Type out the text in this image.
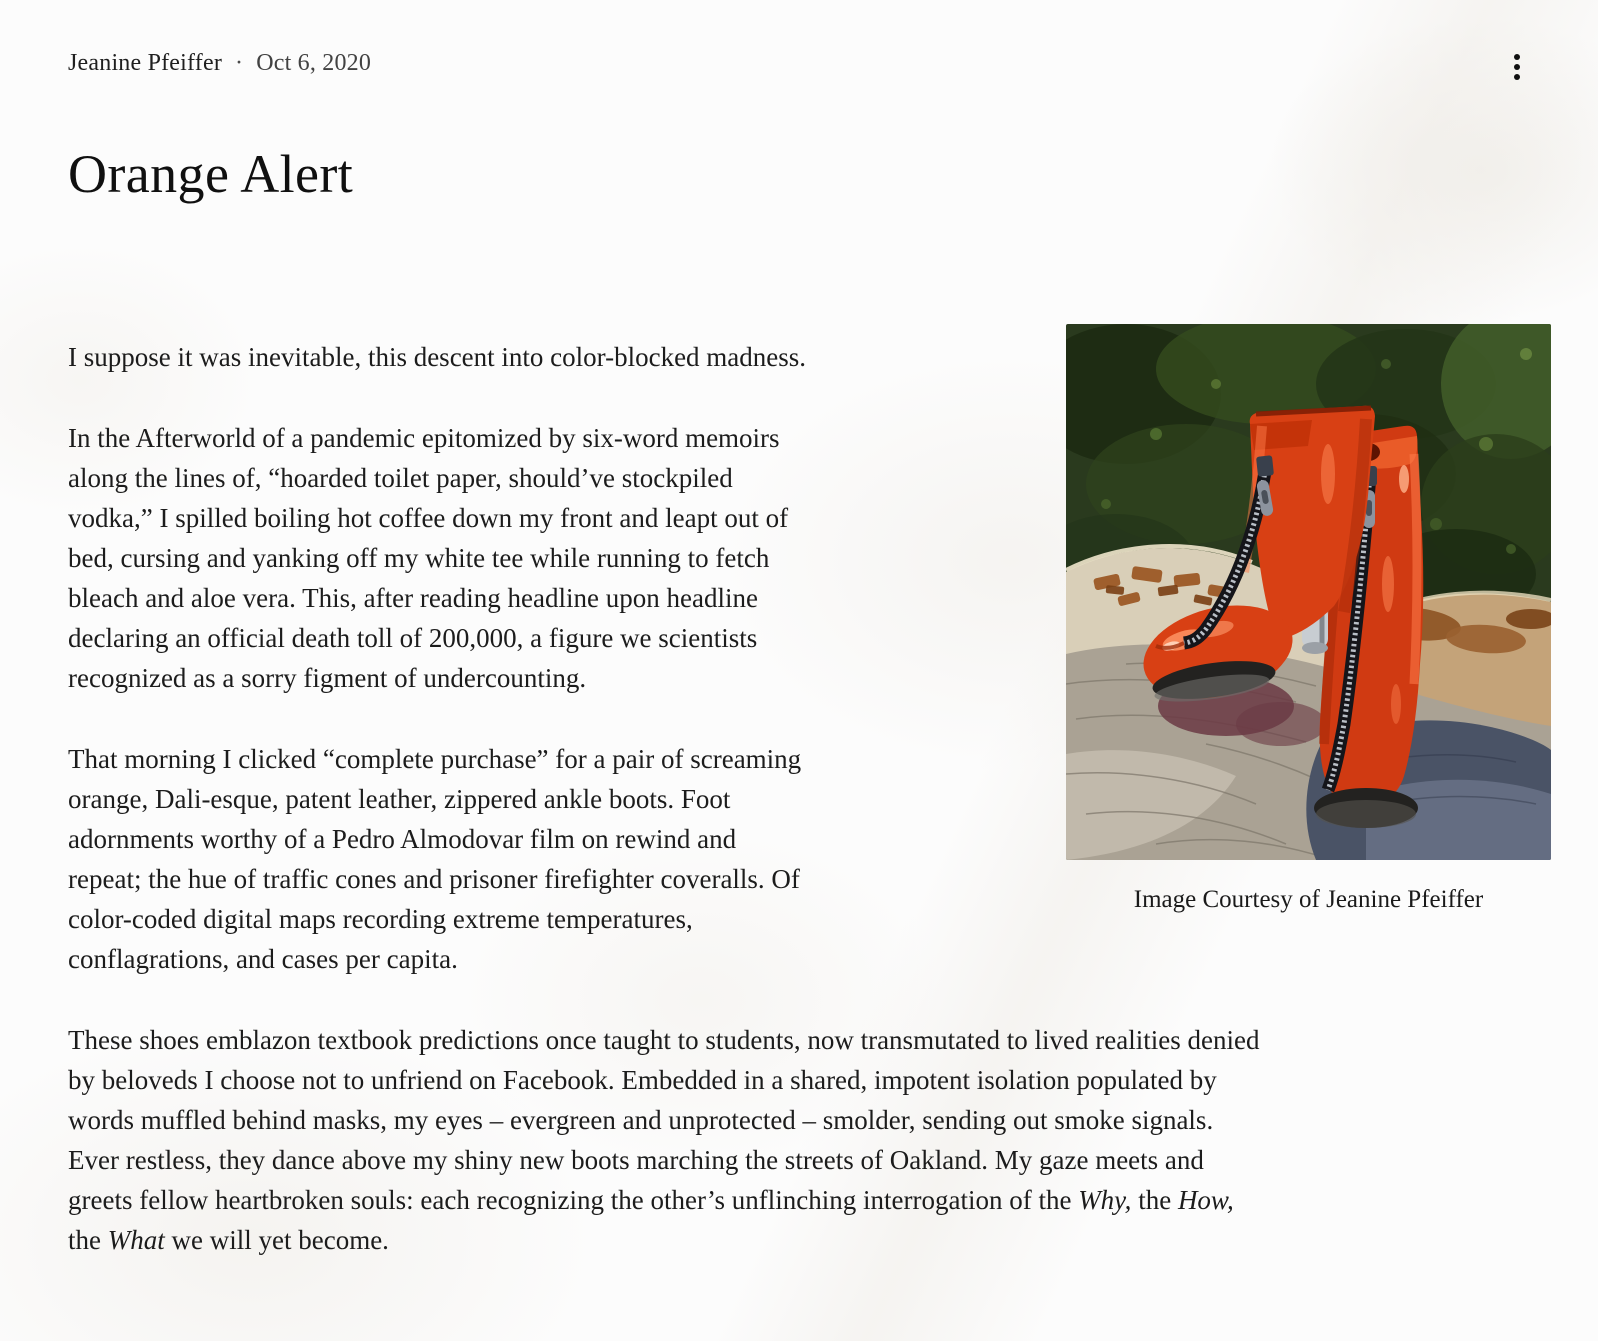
Jeanine Pfeiffer · Oct 6, 2020
Orange Alert
Image Courtesy of Jeanine Pfeiffer

I suppose it was inevitable, this descent into color-blocked madness.

In the Afterworld of a pandemic epitomized by six-word memoirs
along the lines of, “hoarded toilet paper, should’ve stockpiled
vodka,” I spilled boiling hot coffee down my front and leapt out of
bed, cursing and yanking off my white tee while running to fetch
bleach and aloe vera. This, after reading headline upon headline
declaring an official death toll of 200,000, a figure we scientists
recognized as a sorry figment of undercounting.

That morning I clicked “complete purchase” for a pair of screaming
orange, Dali-esque, patent leather, zippered ankle boots. Foot
adornments worthy of a Pedro Almodovar film on rewind and
repeat; the hue of traffic cones and prisoner firefighter coveralls. Of
color-coded digital maps recording extreme temperatures,
conflagrations, and cases per capita.

These shoes emblazon textbook predictions once taught to students, now transmutated to lived realities denied
by beloveds I choose not to unfriend on Facebook. Embedded in a shared, impotent isolation populated by
words muffled behind masks, my eyes – evergreen and unprotected – smolder, sending out smoke signals.
Ever restless, they dance above my shiny new boots marching the streets of Oakland. My gaze meets and
greets fellow heartbroken souls: each recognizing the other’s unflinching interrogation of the Why, the How,
the What we will yet become.
